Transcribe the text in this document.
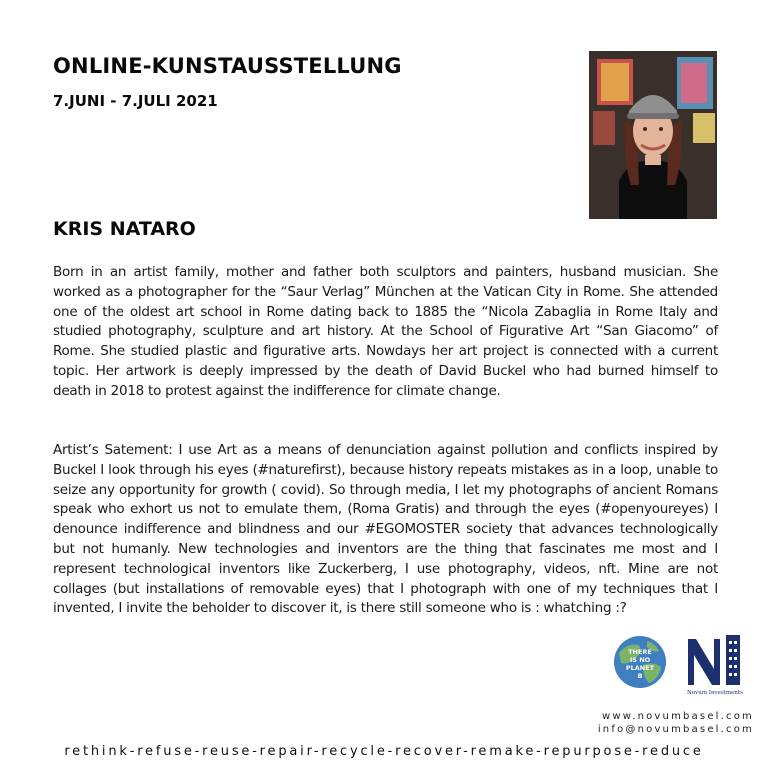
ONLINE-KUNSTAUSSTELLUNG
7.JUNI - 7.JULI 2021
KRIS NATARO
Born in an artist family, mother and father both sculptors and painters, husband musician. She worked as a photographer for the “Saur Verlag” München at the Vatican City in Rome. She attended one of the oldest art school in Rome dating back to 1885 the “Nicola Zabaglia in Rome Italy and studied photography, sculpture and art history. At the School of Figurative Art “San Giacomo” of Rome. She studied plastic and figurative arts. Nowdays her art project is connected with a current topic. Her artwork is deeply impressed by the death of David Buckel who had burned himself to death in 2018 to protest against the indifference for climate change.
Artist’s Satement: I use Art as a means of denunciation against pollution and conflicts inspired by Buckel I look through his eyes (#naturefirst), because history repeats mistakes as in a loop, unable to seize any opportunity for growth ( covid). So through media, I let my photographs of ancient Romans speak who exhort us not to emulate them, (Roma Gratis) and through the eyes (#openyoureyes) I denounce indifference and blindness and our #EGOMOSTER society that advances technologically but not humanly. New technologies and inventors are the thing that fascinates me most and I represent technological inventors like Zuckerberg, I use photography, videos, nft. Mine are not collages (but installations of removable eyes) that I photograph with one of my techniques that I invented, I invite the beholder to discover it, is there still someone who is : whatching :?
THERE
IS NO
PLANET
B
Novum Investments
www.novumbasel.com
info@novumbasel.com
rethink-refuse-reuse-repair-recycle-recover-remake-repurpose-reduce
